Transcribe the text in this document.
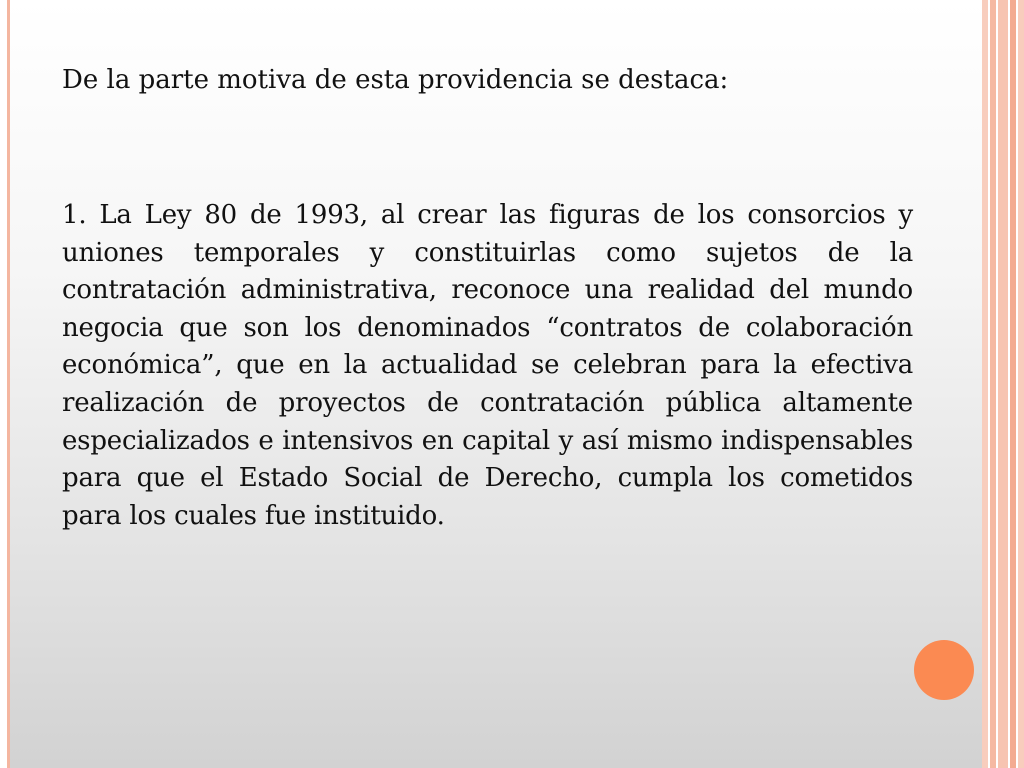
De la parte motiva de esta providencia se destaca:

1. La Ley 80 de 1993, al crear las figuras de los consorcios y uniones temporales y constituirlas como sujetos de la contratación administrativa, reconoce una realidad del mundo negocia que son los denominados “contratos de colaboración económica”, que en la actualidad se celebran para la efectiva realización de proyectos de contratación pública altamente especializados e intensivos en capital y así mismo indispensables para que el Estado Social de Derecho, cumpla los cometidos para los cuales fue instituido.
